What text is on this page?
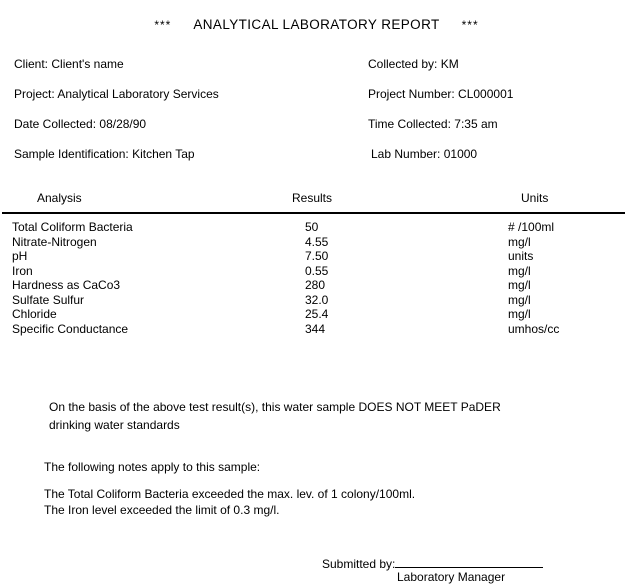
*** ANALYTICAL LABORATORY REPORT ***
Client: Client's name
Project: Analytical Laboratory Services
Date Collected: 08/28/90
Sample Identification: Kitchen Tap
Collected by: KM
Project Number: CL000001
Time Collected: 7:35 am
Lab Number: 01000
Analysis	Results	Units
Total Coliform Bacteria	50	# /100ml
Nitrate-Nitrogen	4.55	mg/l
pH	7.50	units
Iron	0.55	mg/l
Hardness as CaCo3	280	mg/l
Sulfate Sulfur	32.0	mg/l
Chloride	25.4	mg/l
Specific Conductance	344	umhos/cc
On the basis of the above test result(s), this water sample DOES NOT MEET PaDER drinking water standards
The following notes apply to this sample:
The Total Coliform Bacteria exceeded the max. lev. of 1 colony/100ml.
The Iron level exceeded the limit of 0.3 mg/l.
Submitted by:
Laboratory Manager
